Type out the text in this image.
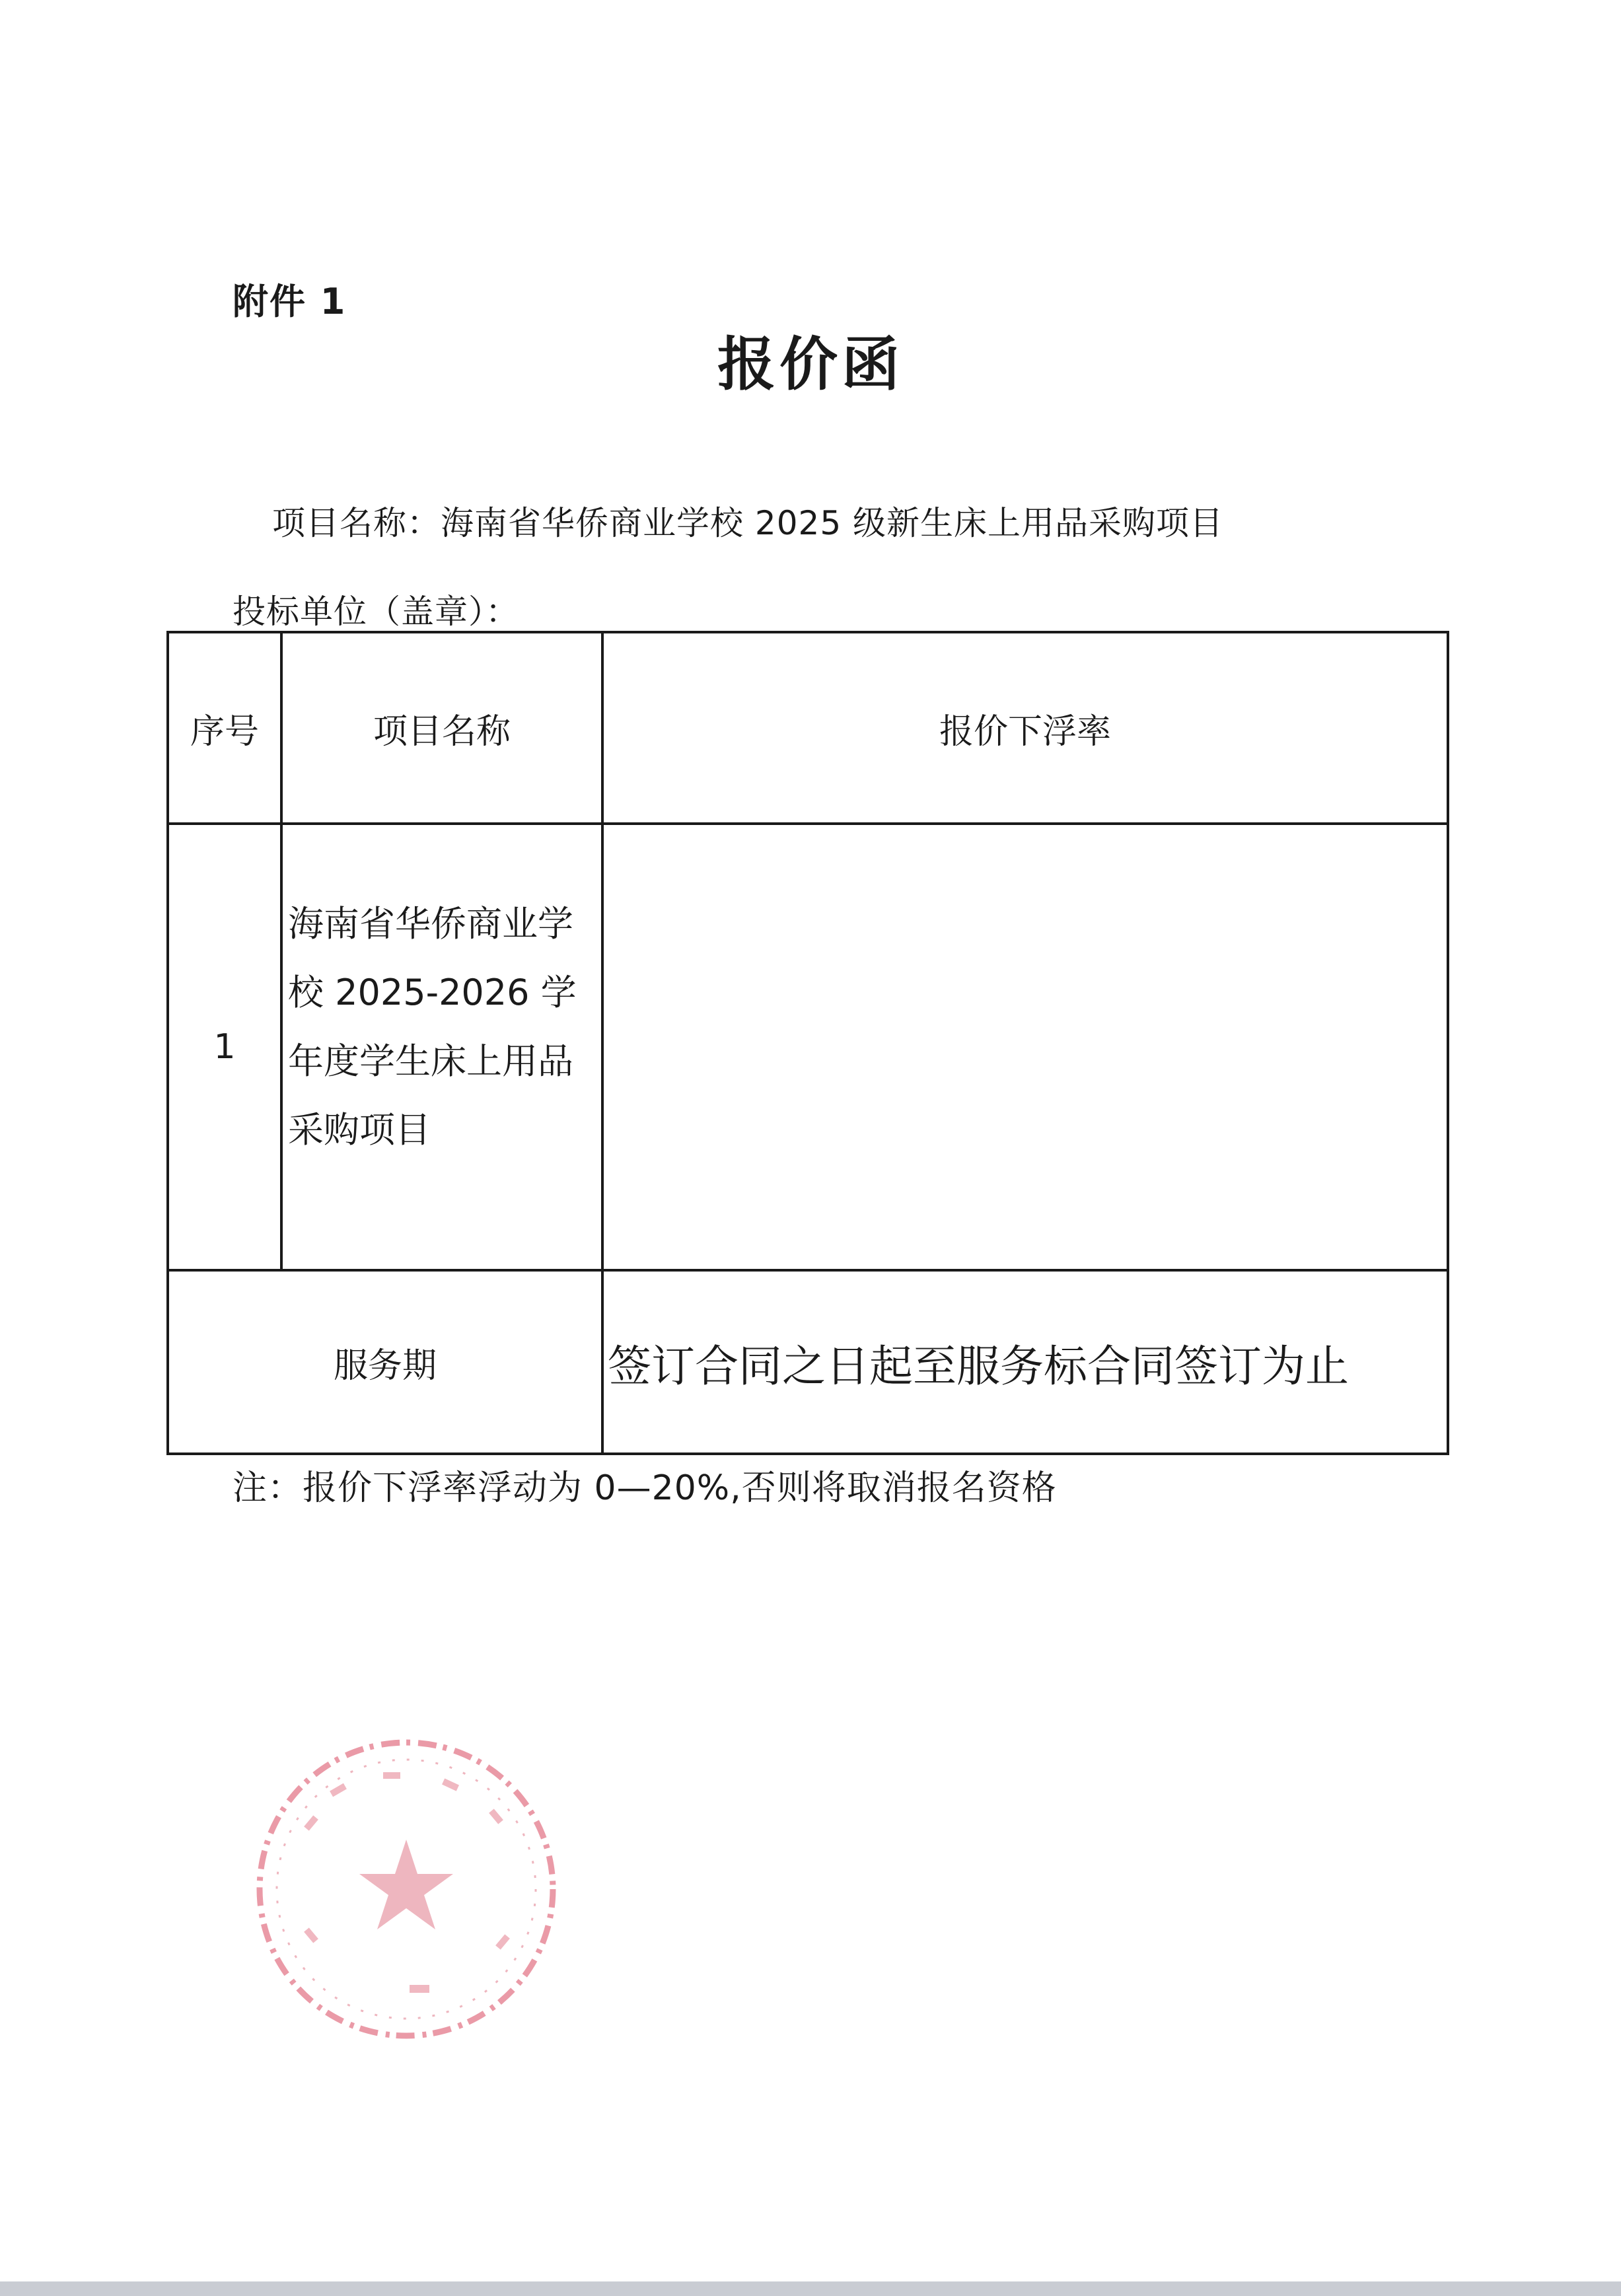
附件 1
报价函
项目名称：海南省华侨商业学校 2025 级新生床上用品采购项目
投标单位（盖章）：
序号	项目名称	报价下浮率
1	海南省华侨商业学校 2025-2026 学年度学生床上用品采购项目	

服务期		签订合同之日起至服务标合同签订为止
注：报价下浮率浮动为 0—20%,否则将取消报名资格
